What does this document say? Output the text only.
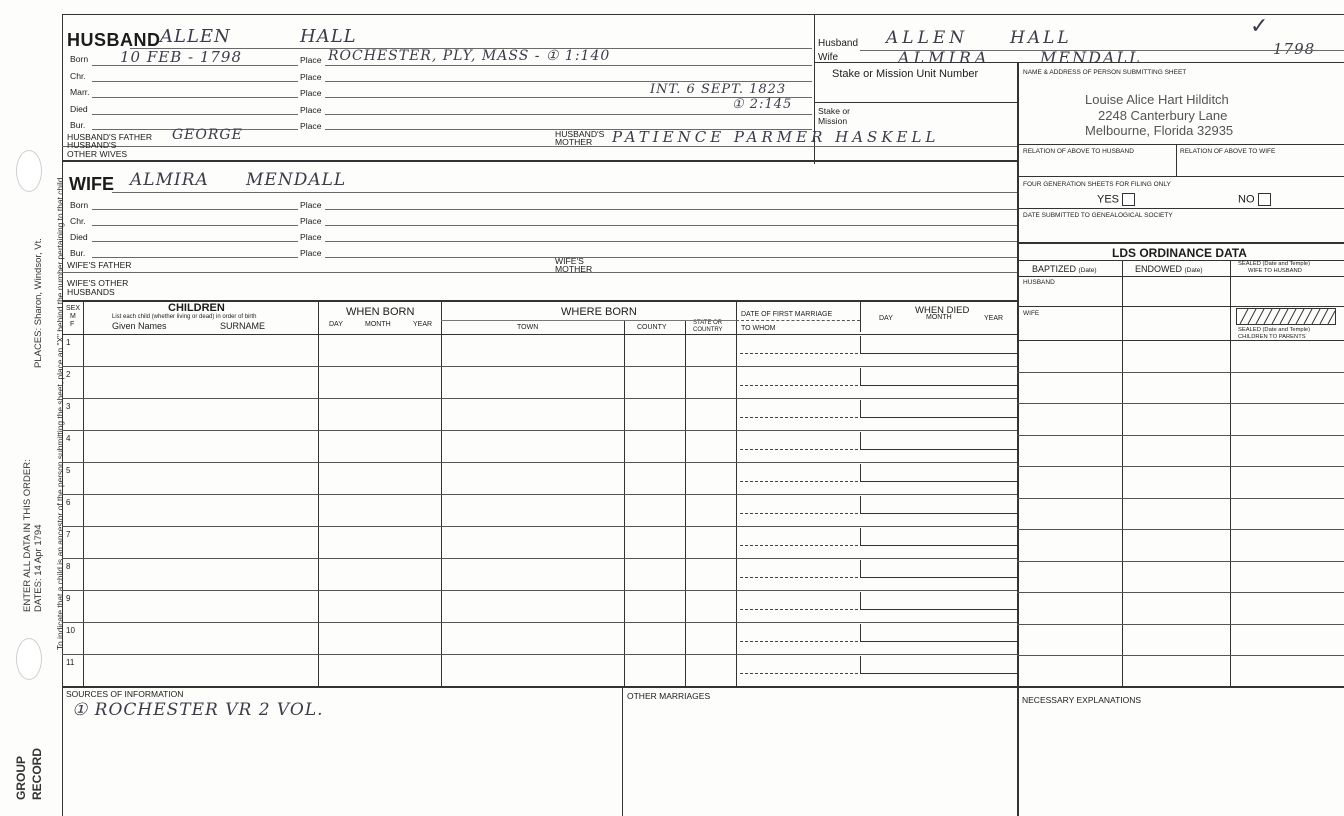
PLACES: Sharon, Windsor, Vt. To indicate that a child is an ancestor of the person submitting the sheet, place an "X" behind the number pertaining to that child.
ENTER ALL DATA IN THIS ORDER: DATES: 14 Apr 1794
GROUP RECORD
HUSBAND ALLEN	HALL
Born 10 FEB - 1798	Place ROCHESTER, PLY, MASS - ① 1:140
Chr.	Place
Marr.	Place	INT. 6 SEPT. 1823
① 2:145
Died	Place
Bur.	Place
HUSBAND'S FATHER GEORGE	HUSBAND'S
MOTHER PATIENCE PARMER HASKELL
HUSBAND'S
OTHER WIVES
WIFE ALMIRA MENDALL
Born	Place
Chr.	Place
Died	Place
Bur.	Place
WIFE'S FATHER	WIFE'S
MOTHER
WIFE'S OTHER
HUSBANDS
SEX
M
F
CHILDREN
List each child (whether living or dead) in order of birth
Given Names	SURNAME
WHEN BORN
DAY	MONTH	YEAR
WHERE BORN
TOWN	COUNTY
STATE OR
COUNTRY
DATE OF FIRST MARRIAGE
TO WHOM
WHEN DIED
DAY	MONTH	YEAR
1
2
3
4
5
6
7
8
9
10
11
Husband ALLEN HALL	✓
1798
Wife	ALMIRA	MENDALL
Stake or Mission Unit Number
Stake or
Mission
NAME & ADDRESS OF PERSON SUBMITTING SHEET
Louise Alice Hart Hilditch
2248 Canterbury Lane
Melbourne, Florida 32935
RELATION OF ABOVE TO HUSBAND	RELATION OF ABOVE TO WIFE
FOUR GENERATION SHEETS FOR FILING ONLY
YES	NO
DATE SUBMITTED TO GENEALOGICAL SOCIETY
LDS ORDINANCE DATA
BAPTIZED (Date)	ENDOWED (Date)
SEALED (Date and Temple)
WIFE TO HUSBAND
HUSBAND
WIFE
SEALED (Date and Temple)
CHILDREN TO PARENTS
SOURCES OF INFORMATION
① ROCHESTER VR 2 VOL.
OTHER MARRIAGES	NECESSARY EXPLANATIONS
